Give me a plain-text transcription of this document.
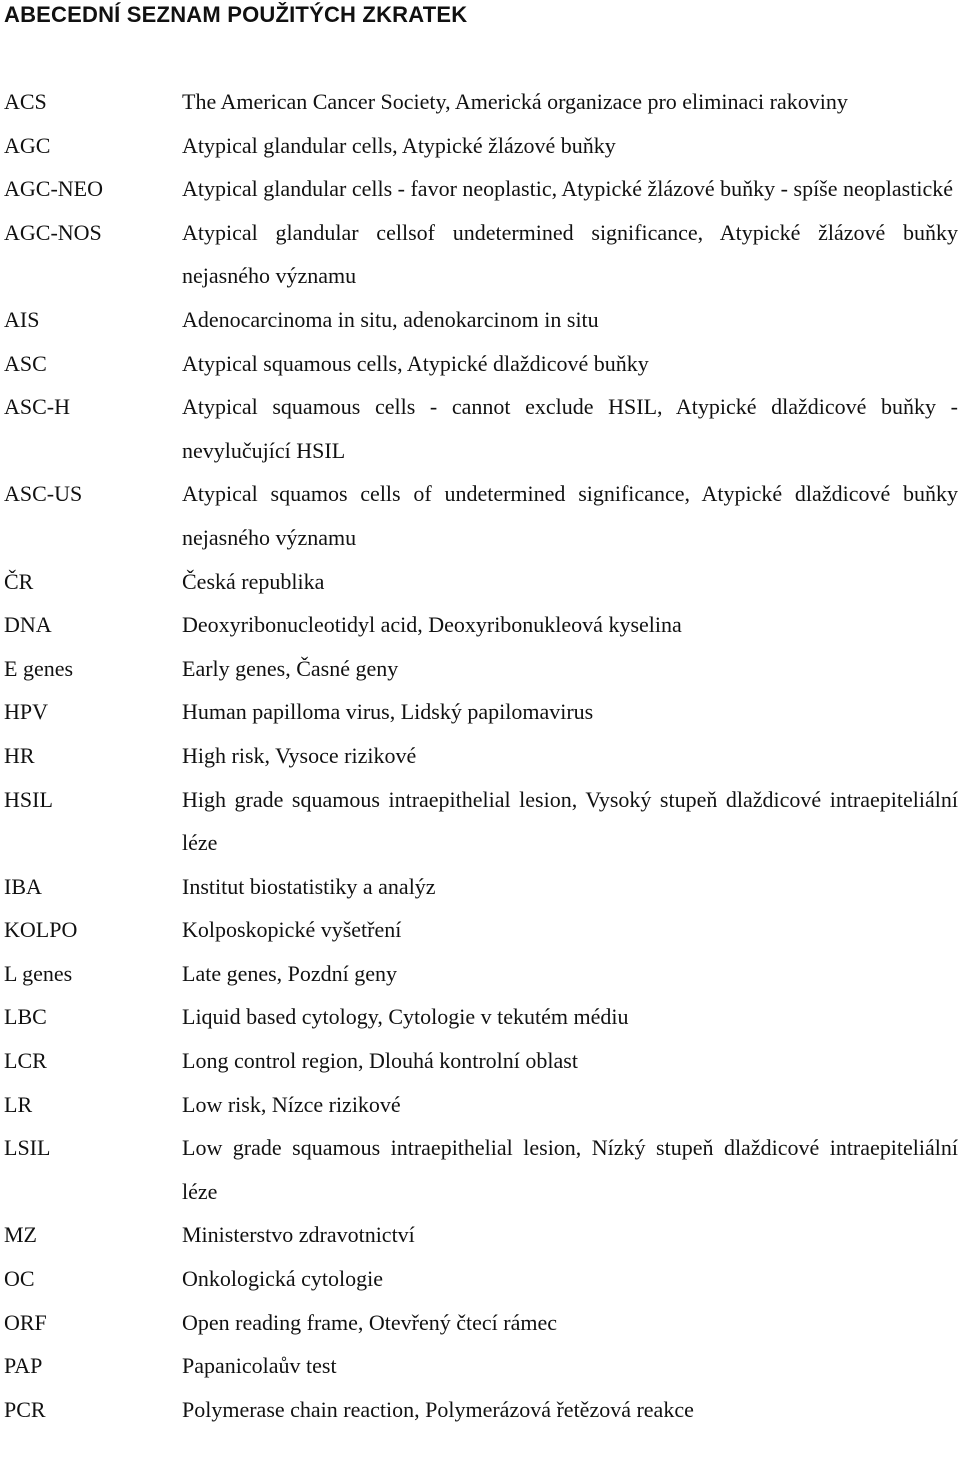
ABECEDNÍ SEZNAM POUŽITÝCH ZKRATEK
ACS	The American Cancer Society, Americká organizace pro eliminaci rakoviny
AGC	Atypical glandular cells, Atypické žlázové buňky
AGC-NEO	Atypical glandular cells - favor neoplastic, Atypické žlázové buňky - spíše neoplastické
AGC-NOS	Atypical glandular cellsof undetermined significance, Atypické žlázové buňky nejasného významu
AIS	Adenocarcinoma in situ, adenokarcinom in situ
ASC	Atypical squamous cells, Atypické dlaždicové buňky
ASC-H	Atypical squamous cells - cannot exclude HSIL, Atypické dlaždicové buňky - nevylučující HSIL
ASC-US	Atypical squamos cells of undetermined significance, Atypické dlaždicové buňky nejasného významu
ČR	Česká republika
DNA	Deoxyribonucleotidyl acid, Deoxyribonukleová kyselina
E genes	Early genes, Časné geny
HPV	Human papilloma virus, Lidský papilomavirus
HR	High risk, Vysoce rizikové
HSIL	High grade squamous intraepithelial lesion, Vysoký stupeň dlaždicové intraepiteliální léze
IBA	Institut biostatistiky a analýz
KOLPO	Kolposkopické vyšetření
L genes	Late genes, Pozdní geny
LBC	Liquid based cytology, Cytologie v tekutém médiu
LCR	Long control region, Dlouhá kontrolní oblast
LR	Low risk, Nízce rizikové
LSIL	Low grade squamous intraepithelial lesion, Nízký stupeň dlaždicové intraepiteliální léze
MZ	Ministerstvo zdravotnictví
OC	Onkologická cytologie
ORF	Open reading frame, Otevřený čtecí rámec
PAP	Papanicolaův test
PCR	Polymerase chain reaction, Polymerázová řetězová reakce
